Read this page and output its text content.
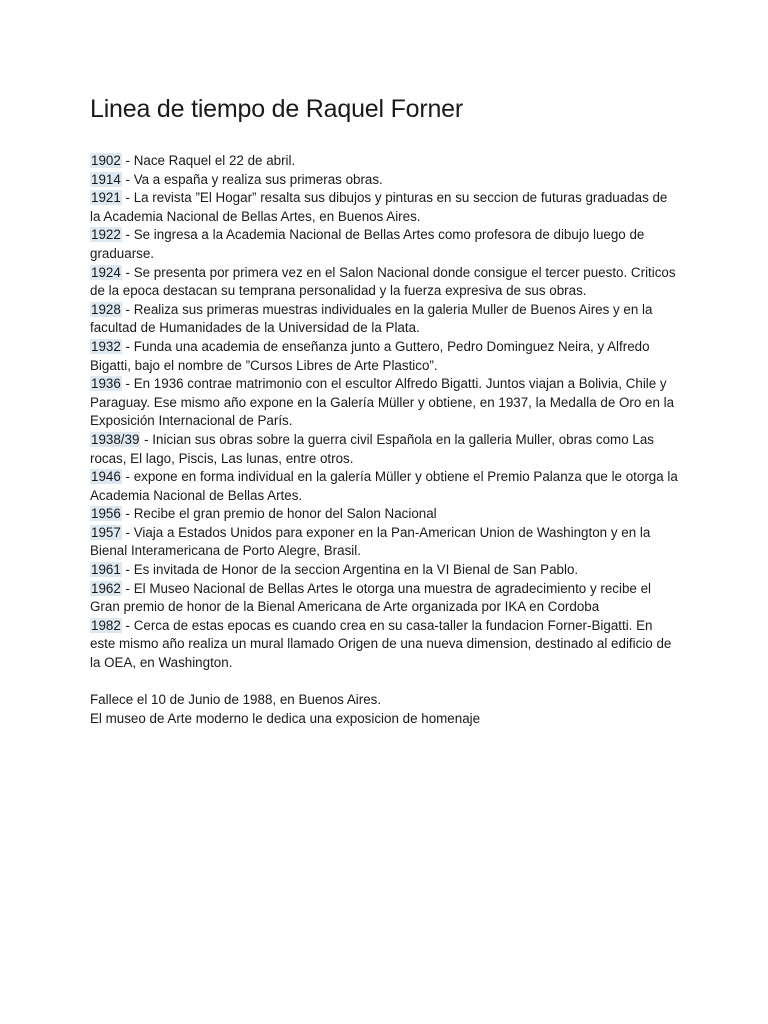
Linea de tiempo de Raquel Forner

1902 - Nace Raquel el 22 de abril.

1914 - Va a españa y realiza sus primeras obras.

1921 - La revista ”El Hogar” resalta sus dibujos y pinturas en su seccion de futuras graduadas de la Academia Nacional de Bellas Artes, en Buenos Aires.

1922 - Se ingresa a la Academia Nacional de Bellas Artes como profesora de dibujo luego de graduarse.

1924 - Se presenta por primera vez en el Salon Nacional donde consigue el tercer puesto. Criticos de la epoca destacan su temprana personalidad y la fuerza expresiva de sus obras.

1928 - Realiza sus primeras muestras individuales en la galeria Muller de Buenos Aires y en la facultad de Humanidades de la Universidad de la Plata.

1932 - Funda una academia de enseñanza junto a Guttero, Pedro Dominguez Neira, y Alfredo Bigatti, bajo el nombre de ”Cursos Libres de Arte Plastico”.

1936 - En 1936 contrae matrimonio con el escultor Alfredo Bigatti. Juntos viajan a Bolivia, Chile y Paraguay. Ese mismo año expone en la Galería Müller y obtiene, en 1937, la Medalla de Oro en la Exposición Internacional de París.

1938/39 - Inician sus obras sobre la guerra civil Española en la galleria Muller, obras como Las rocas, El lago, Piscis, Las lunas, entre otros.

1946 - expone en forma individual en la galería Müller y obtiene el Premio Palanza que le otorga la Academia Nacional de Bellas Artes.

1956 - Recibe el gran premio de honor del Salon Nacional

1957 - Viaja a Estados Unidos para exponer en la Pan-American Union de Washington y en la Bienal Interamericana de Porto Alegre, Brasil.

1961 - Es invitada de Honor de la seccion Argentina en la VI Bienal de San Pablo.

1962 - El Museo Nacional de Bellas Artes le otorga una muestra de agradecimiento y recibe el Gran premio de honor de la Bienal Americana de Arte organizada por IKA en Cordoba

1982 - Cerca de estas epocas es cuando crea en su casa-taller la fundacion Forner-Bigatti. En este mismo año realiza un mural llamado Origen de una nueva dimension, destinado al edificio de la OEA, en Washington.

Fallece el 10 de Junio de 1988, en Buenos Aires.

El museo de Arte moderno le dedica una exposicion de homenaje
